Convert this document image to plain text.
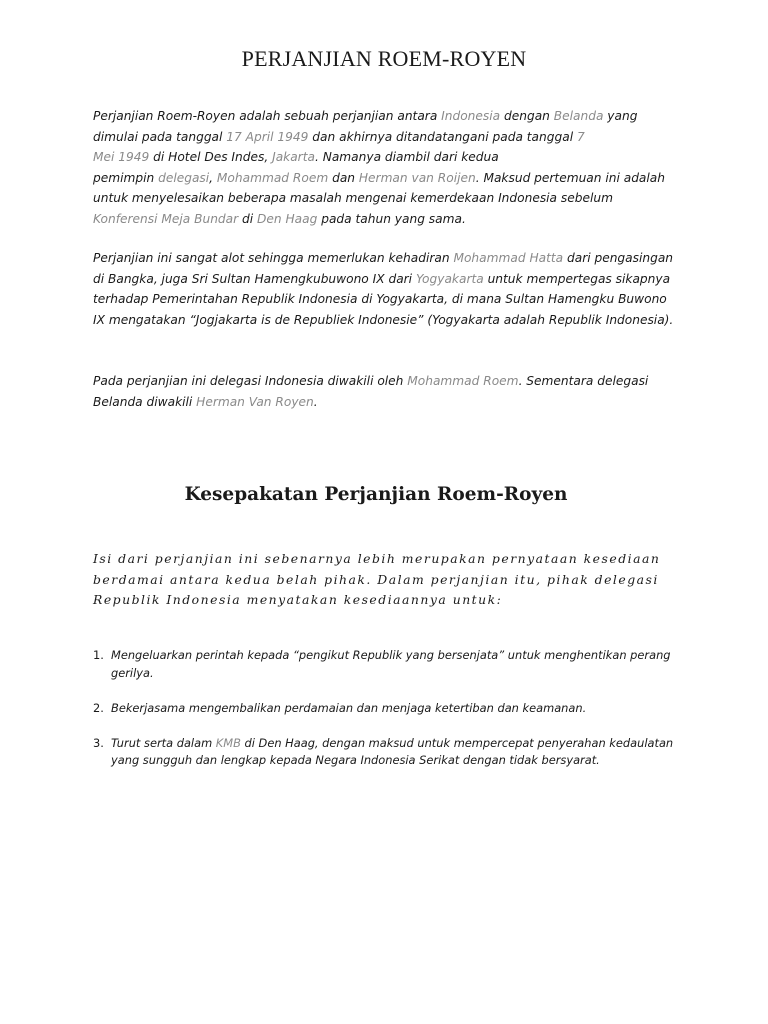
PERJANJIAN ROEM-ROYEN

Perjanjian Roem-Royen adalah sebuah perjanjian antara Indonesia dengan Belanda yang dimulai pada tanggal 17 April 1949 dan akhirnya ditandatangani pada tanggal 7
Mei 1949 di Hotel Des Indes, Jakarta. Namanya diambil dari kedua
pemimpin delegasi, Mohammad Roem dan Herman van Roijen. Maksud pertemuan ini adalah untuk menyelesaikan beberapa masalah mengenai kemerdekaan Indonesia sebelum Konferensi Meja Bundar di Den Haag pada tahun yang sama.

Perjanjian ini sangat alot sehingga memerlukan kehadiran Mohammad Hatta dari pengasingan di Bangka, juga Sri Sultan Hamengkubuwono IX dari Yogyakarta untuk mempertegas sikapnya terhadap Pemerintahan Republik Indonesia di Yogyakarta, di mana Sultan Hamengku Buwono IX mengatakan “Jogjakarta is de Republiek Indonesie” (Yogyakarta adalah Republik Indonesia).

Pada perjanjian ini delegasi Indonesia diwakili oleh Mohammad Roem. Sementara delegasi Belanda diwakili Herman Van Royen.

Kesepakatan Perjanjian Roem-Royen

Isi dari perjanjian ini sebenarnya lebih merupakan pernyataan kesediaan berdamai antara kedua belah pihak. Dalam perjanjian itu, pihak delegasi Republik Indonesia menyatakan kesediaannya untuk:

1. Mengeluarkan perintah kepada “pengikut Republik yang bersenjata” untuk menghentikan perang gerilya.
2. Bekerjasama mengembalikan perdamaian dan menjaga ketertiban dan keamanan.
3. Turut serta dalam KMB di Den Haag, dengan maksud untuk mempercepat penyerahan kedaulatan yang sungguh dan lengkap kepada Negara Indonesia Serikat dengan tidak bersyarat.
